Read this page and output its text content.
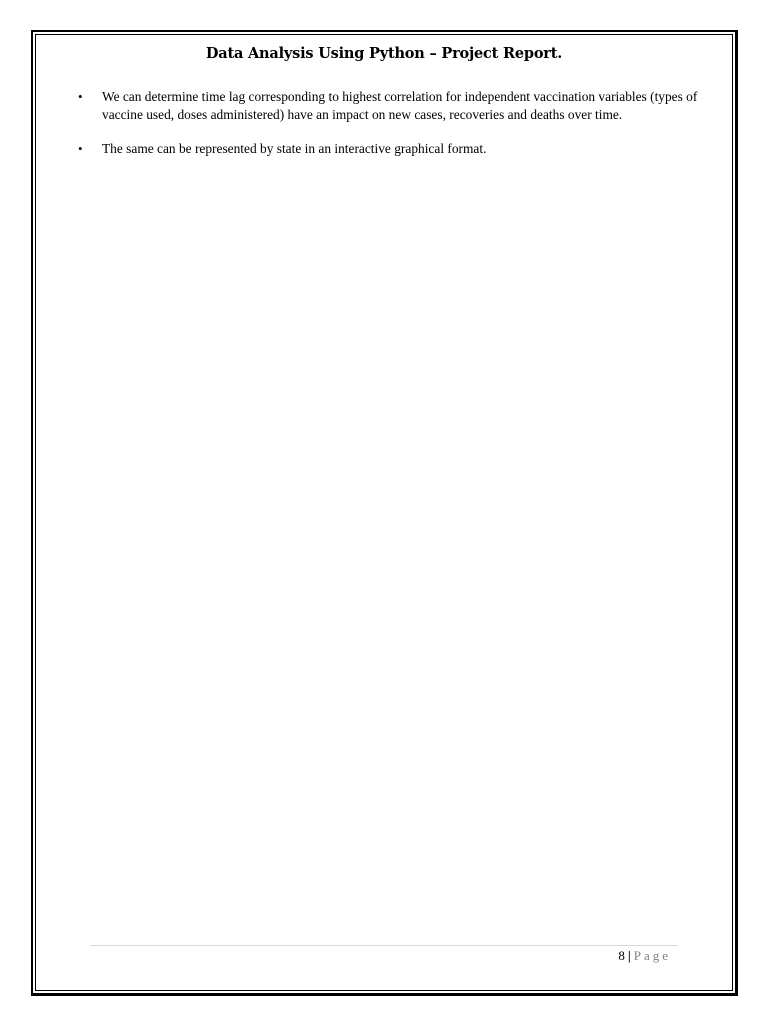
Data Analysis Using Python – Project Report.
• We can determine time lag corresponding to highest correlation for independent vaccination variables (types of vaccine used, doses administered) have an impact on new cases, recoveries and deaths over time.
• The same can be represented by state in an interactive graphical format.
8 | Page
